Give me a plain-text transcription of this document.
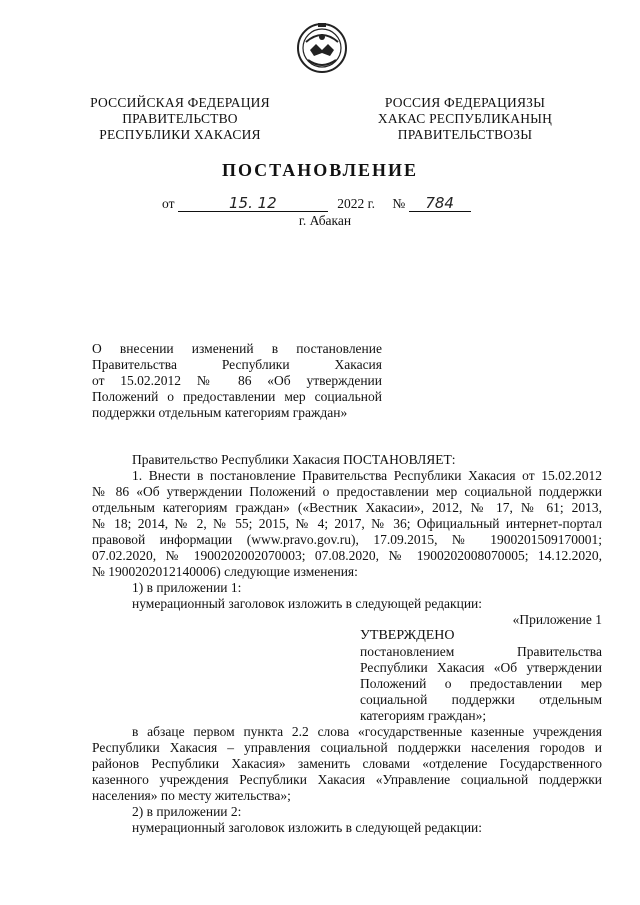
РОССИЙСКАЯ ФЕДЕРАЦИЯ
ПРАВИТЕЛЬСТВО
РЕСПУБЛИКИ ХАКАСИЯ
РОССИЯ ФЕДЕРАЦИЯЗЫ
ХАКАС РЕСПУБЛИКАНЫҢ
ПРАВИТЕЛЬСТВОЗЫ
ПОСТАНОВЛЕНИЕ
от	15. 12	2022 г. № 784
г. Абакан
О внесении изменений в постановление
Правительства Республики Хакасия
от 15.02.2012 № 86 «Об утверждении
Положений о предоставлении мер социальной
поддержки отдельным категориям граждан»
Правительство Республики Хакасия ПОСТАНОВЛЯЕТ:
1. Внести в постановление Правительства Республики Хакасия от 15.02.2012
№ 86 «Об утверждении Положений о предоставлении мер социальной поддержки
отдельным категориям граждан» («Вестник Хакасии», 2012, № 17, № 61; 2013,
№ 18; 2014, № 2, № 55; 2015, № 4; 2017, № 36; Официальный интернет-портал
правовой информации (www.pravo.gov.ru), 17.09.2015, № 1900201509170001;
07.02.2020, № 1900202002070003; 07.08.2020, № 1900202008070005; 14.12.2020,
№ 1900202012140006) следующие изменения:
1) в приложении 1:
нумерационный заголовок изложить в следующей редакции:
«Приложение 1
УТВЕРЖДЕНО
постановлением Правительства
Республики Хакасия «Об утверждении
Положений о предоставлении мер
социальной поддержки отдельным
категориям граждан»;
в абзаце первом пункта 2.2 слова «государственные казенные учреждения
Республики Хакасия – управления социальной поддержки населения городов и
районов Республики Хакасия» заменить словами «отделение Государственного
казенного учреждения Республики Хакасия «Управление социальной поддержки
населения» по месту жительства»;
2) в приложении 2:
нумерационный заголовок изложить в следующей редакции:
